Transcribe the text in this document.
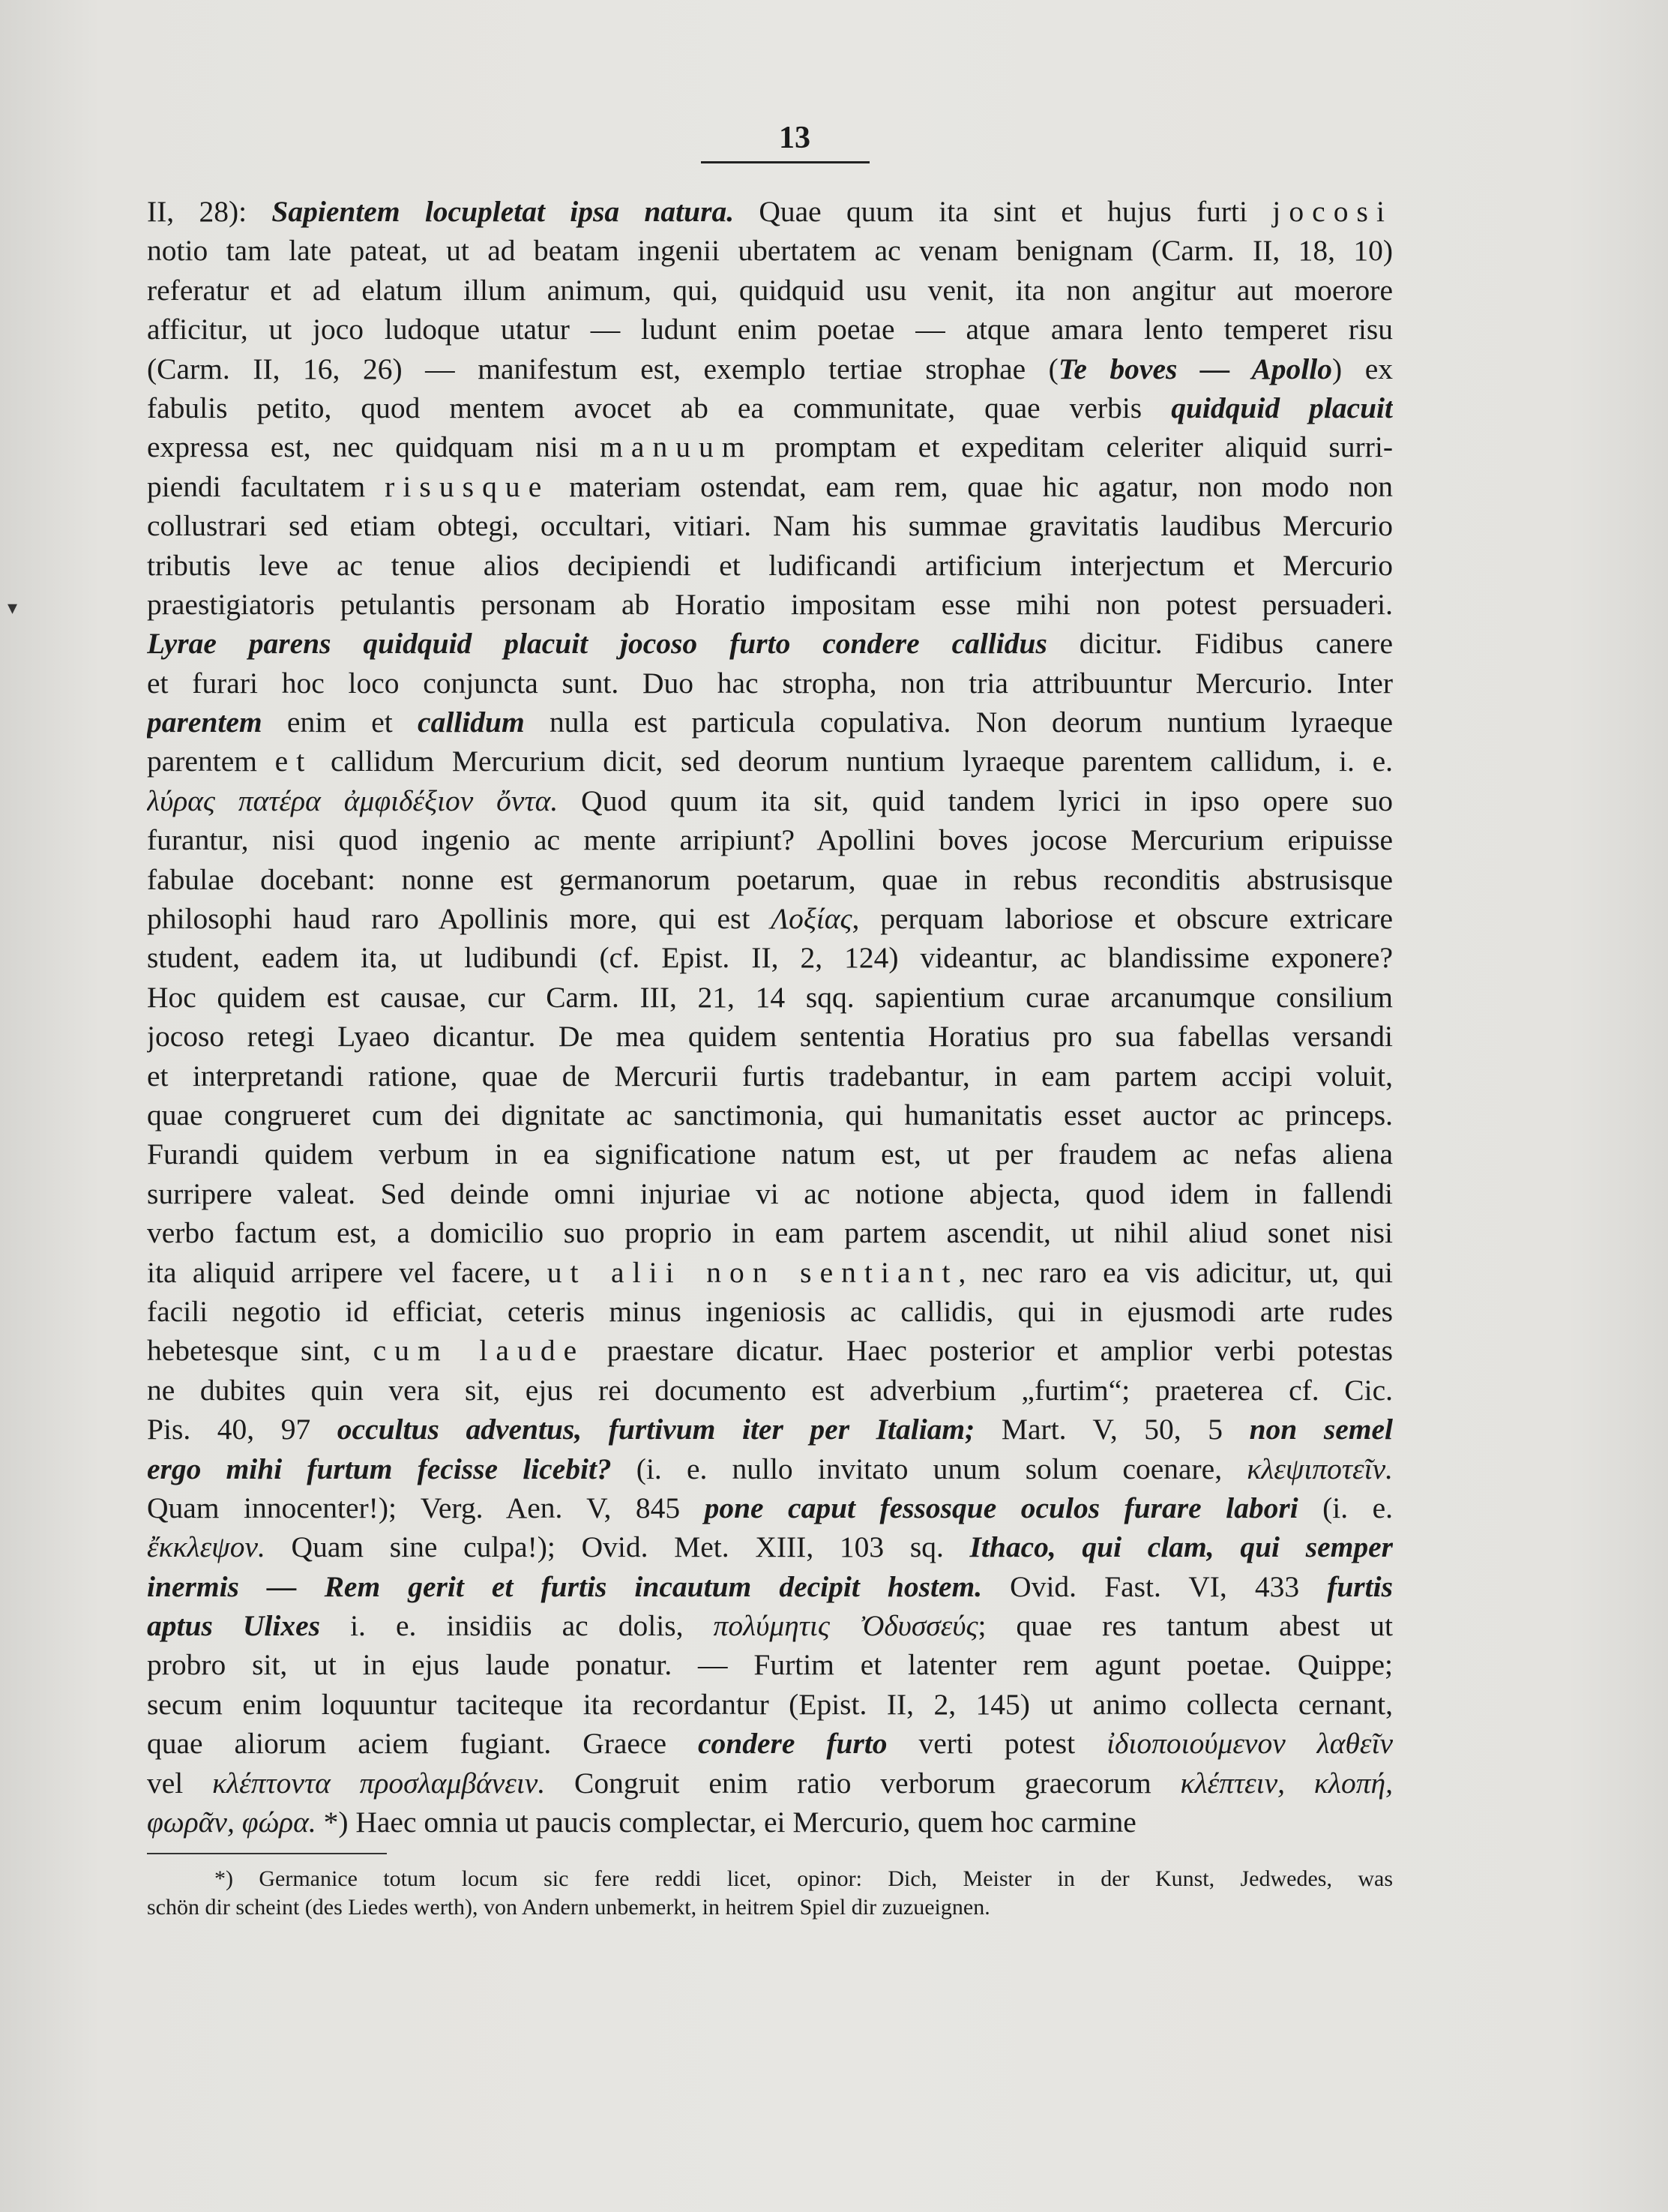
13
▾
II, 28): Sapientem locupletat ipsa natura. Quae quum ita sint et hujus furti jocosi
notio tam late pateat, ut ad beatam ingenii ubertatem ac venam benignam (Carm. II, 18, 10)
referatur et ad elatum illum animum, qui, quidquid usu venit, ita non angitur aut moerore
afficitur, ut joco ludoque utatur — ludunt enim poetae — atque amara lento temperet risu
(Carm. II, 16, 26) — manifestum est, exemplo tertiae strophae (Te boves — Apollo) ex
fabulis petito, quod mentem avocet ab ea communitate, quae verbis quidquid placuit
expressa est, nec quidquam nisi manuum promptam et expeditam celeriter aliquid surri-
piendi facultatem risusque materiam ostendat, eam rem, quae hic agatur, non modo non
collustrari sed etiam obtegi, occultari, vitiari. Nam his summae gravitatis laudibus Mercurio
tributis leve ac tenue alios decipiendi et ludificandi artificium interjectum et Mercurio
praestigiatoris petulantis personam ab Horatio impositam esse mihi non potest persuaderi.
Lyrae parens quidquid placuit jocoso furto condere callidus dicitur. Fidibus canere
et furari hoc loco conjuncta sunt. Duo hac stropha, non tria attribuuntur Mercurio. Inter
parentem enim et callidum nulla est particula copulativa. Non deorum nuntium lyraeque
parentem et callidum Mercurium dicit, sed deorum nuntium lyraeque parentem callidum, i. e.
λύρας πατέρα ἀμφιδέξιον ὄντα. Quod quum ita sit, quid tandem lyrici in ipso opere suo
furantur, nisi quod ingenio ac mente arripiunt? Apollini boves jocose Mercurium eripuisse
fabulae docebant: nonne est germanorum poetarum, quae in rebus reconditis abstrusisque
philosophi haud raro Apollinis more, qui est Λοξίας, perquam laboriose et obscure extricare
student, eadem ita, ut ludibundi (cf. Epist. II, 2, 124) videantur, ac blandissime exponere?
Hoc quidem est causae, cur Carm. III, 21, 14 sqq. sapientium curae arcanumque consilium
jocoso retegi Lyaeo dicantur. De mea quidem sententia Horatius pro sua fabellas versandi
et interpretandi ratione, quae de Mercurii furtis tradebantur, in eam partem accipi voluit,
quae congrueret cum dei dignitate ac sanctimonia, qui humanitatis esset auctor ac princeps.
Furandi quidem verbum in ea significatione natum est, ut per fraudem ac nefas aliena
surripere valeat. Sed deinde omni injuriae vi ac notione abjecta, quod idem in fallendi
verbo factum est, a domicilio suo proprio in eam partem ascendit, ut nihil aliud sonet nisi
ita aliquid arripere vel facere, ut alii non sentiant, nec raro ea vis adicitur, ut, qui
facili negotio id efficiat, ceteris minus ingeniosis ac callidis, qui in ejusmodi arte rudes
hebetesque sint, cum laude praestare dicatur. Haec posterior et amplior verbi potestas
ne dubites quin vera sit, ejus rei documento est adverbium „furtim“; praeterea cf. Cic.
Pis. 40, 97 occultus adventus, furtivum iter per Italiam; Mart. V, 50, 5 non semel
ergo mihi furtum fecisse licebit? (i. e. nullo invitato unum solum coenare, κλεψιποτεῖν.
Quam innocenter!); Verg. Aen. V, 845 pone caput fessosque oculos furare labori (i. e.
ἔκκλεψον. Quam sine culpa!); Ovid. Met. XIII, 103 sq. Ithaco, qui clam, qui semper
inermis — Rem gerit et furtis incautum decipit hostem. Ovid. Fast. VI, 433 furtis
aptus Ulixes i. e. insidiis ac dolis, πολύμητις Ὀδυσσεύς; quae res tantum abest ut
probro sit, ut in ejus laude ponatur. — Furtim et latenter rem agunt poetae. Quippe;
secum enim loquuntur taciteque ita recordantur (Epist. II, 2, 145) ut animo collecta cernant,
quae aliorum aciem fugiant. Graece condere furto verti potest ἰδιοποιούμενον λαθεῖν
vel κλέπτοντα προσλαμβάνειν. Congruit enim ratio verborum graecorum κλέπτειν, κλοπή,
φωρᾶν, φώρα. *) Haec omnia ut paucis complectar, ei Mercurio, quem hoc carmine
*) Germanice totum locum sic fere reddi licet, opinor: Dich, Meister in der Kunst, Jedwedes, was
schön dir scheint (des Liedes werth), von Andern unbemerkt, in heitrem Spiel dir zuzueignen.
